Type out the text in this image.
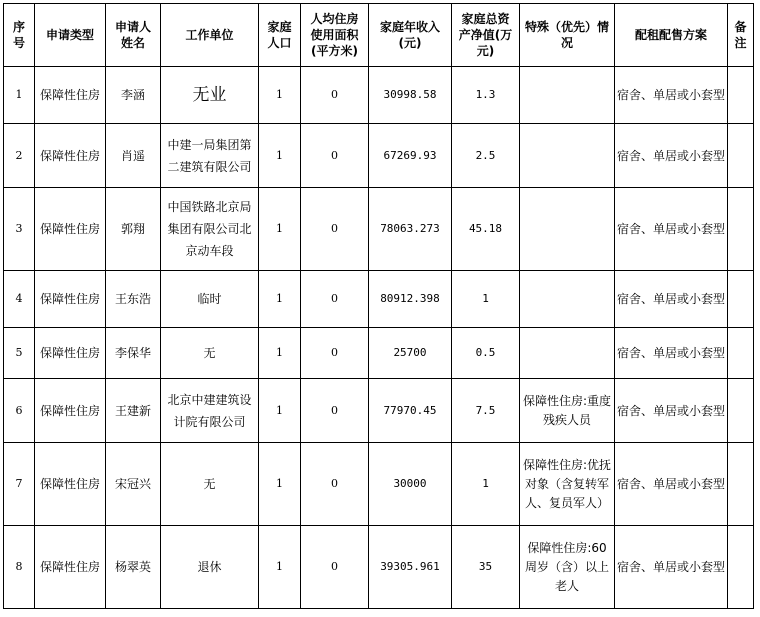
序号	申请类型	申请人姓名	工作单位	家庭人口	人均住房使用面积(平方米)	家庭年收入(元)	家庭总资产净值(万元)	特殊（优先）情况	配租配售方案	备注
1	保障性住房	李涵	无业	1	0	30998.58	1.3		宿舍、单居或小套型	
2	保障性住房	肖遥	中建一局集团第二建筑有限公司	1	0	67269.93	2.5		宿舍、单居或小套型	
3	保障性住房	郭翔	中国铁路北京局集团有限公司北京动车段	1	0	78063.273	45.18		宿舍、单居或小套型	
4	保障性住房	王东浩	临时	1	0	80912.398	1		宿舍、单居或小套型	
5	保障性住房	李保华	无	1	0	25700	0.5		宿舍、单居或小套型	
6	保障性住房	王建新	北京中建建筑设计院有限公司	1	0	77970.45	7.5	保障性住房:重度残疾人员	宿舍、单居或小套型	
7	保障性住房	宋冠兴	无	1	0	30000	1	保障性住房:优抚对象（含复转军人、复员军人）	宿舍、单居或小套型	
8	保障性住房	杨翠英	退休	1	0	39305.961	35	保障性住房:60周岁（含）以上老人	宿舍、单居或小套型	
